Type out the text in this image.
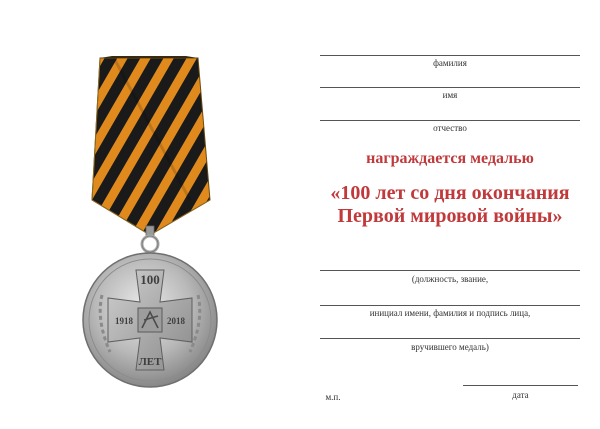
100
ЛЕТ
1918	2018
фамилия
имя
отчество
награждается медалью
«100 лет со дня окончания
Первой мировой войны»
(должность, звание,
инициал имени, фамилия и подпись лица,
вручившего медаль)
м.п.	дата
